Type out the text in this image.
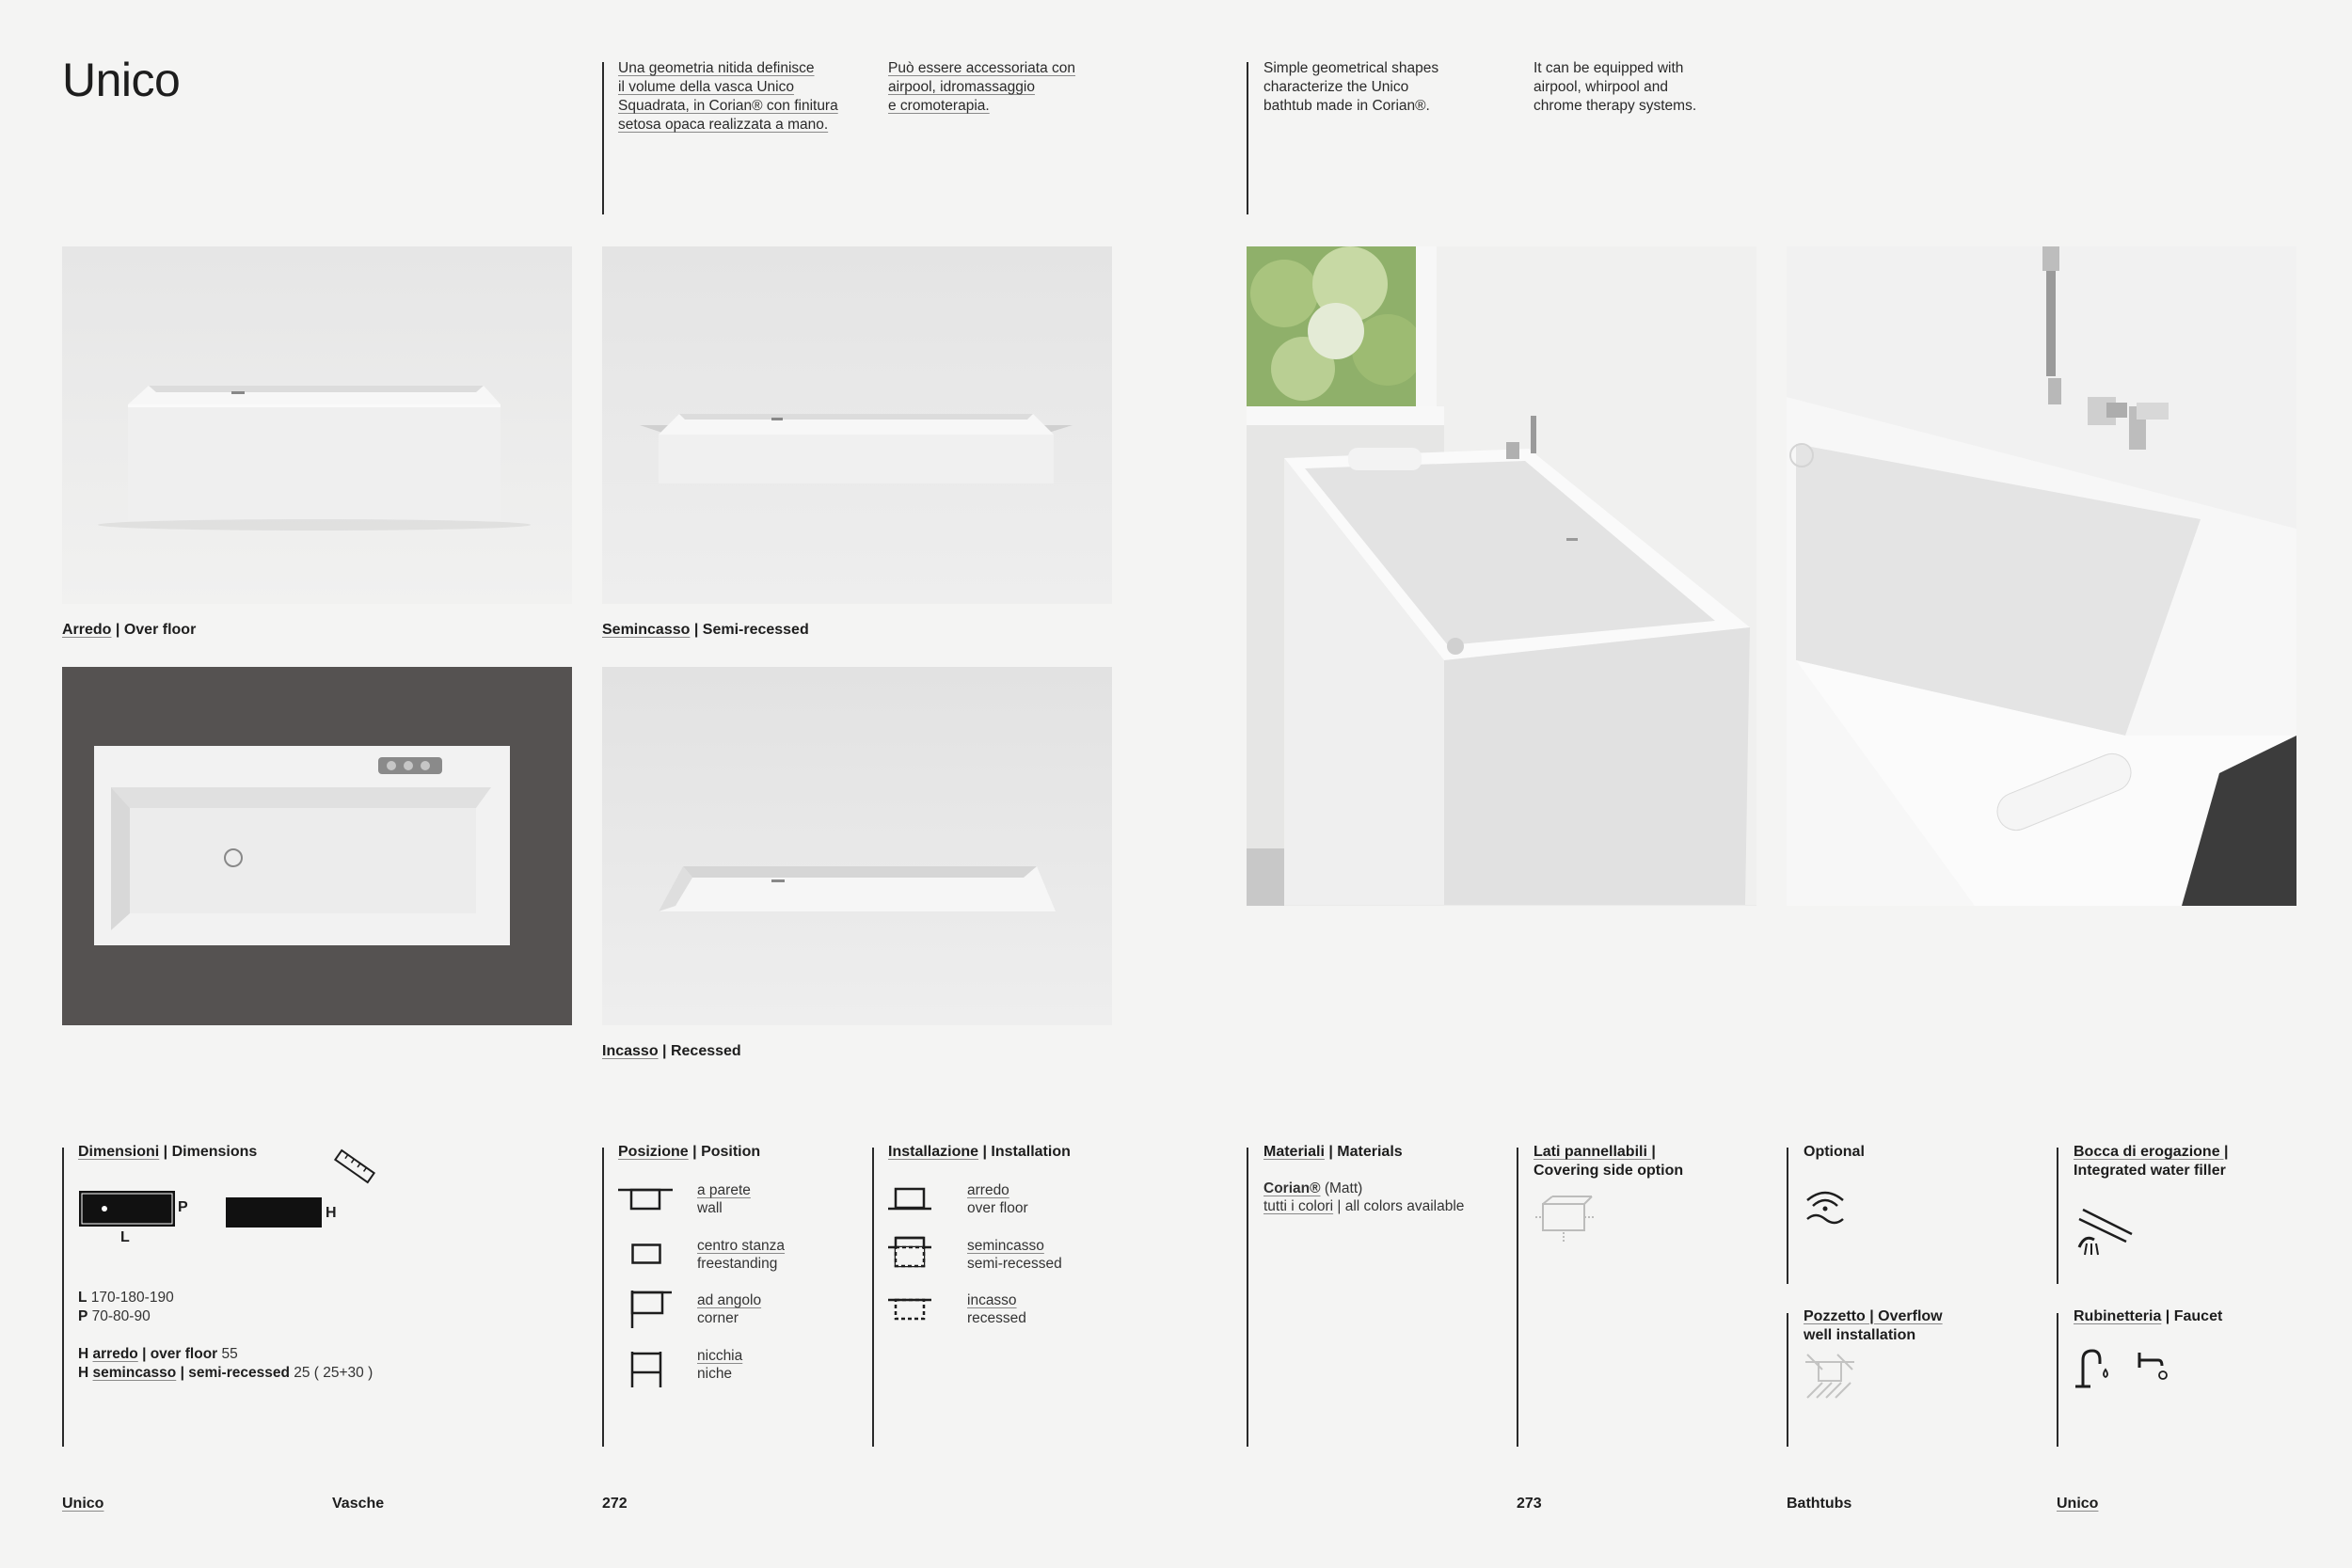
Unico	Una geometria nitida definisce
il volume della vasca Unico
Squadrata, in Corian® con finitura
setosa opaca realizzata a mano.
Può essere accessoriata con
airpool, idromassaggio
e cromoterapia.
Simple geometrical shapes
characterize the Unico
bathtub made in Corian®.
It can be equipped with
airpool, whirpool and
chrome therapy systems.
Arredo | Over floor	Semincasso | Semi-recessed
Incasso | Recessed
Dimensioni | Dimensions
P
L
H
L 170-180-190
P 70-80-90
H arredo | over floor 55
H semincasso | semi-recessed 25 ( 25+30 )
Posizione | Position
a parete
wall
centro stanza
freestanding
ad angolo
corner
nicchia
niche
Installazione | Installation
arredo
over floor
semincasso
semi-recessed
incasso
recessed
Materiali | Materials
Corian® (Matt)
tutti i colori | all colors available
Lati pannellabili |
Covering side option
Optional	Bocca di erogazione |
Integrated water filler
Pozzetto | Overflow
well installation
Rubinetteria | Faucet
Unico	Vasche	272	273	Bathtubs	Unico
